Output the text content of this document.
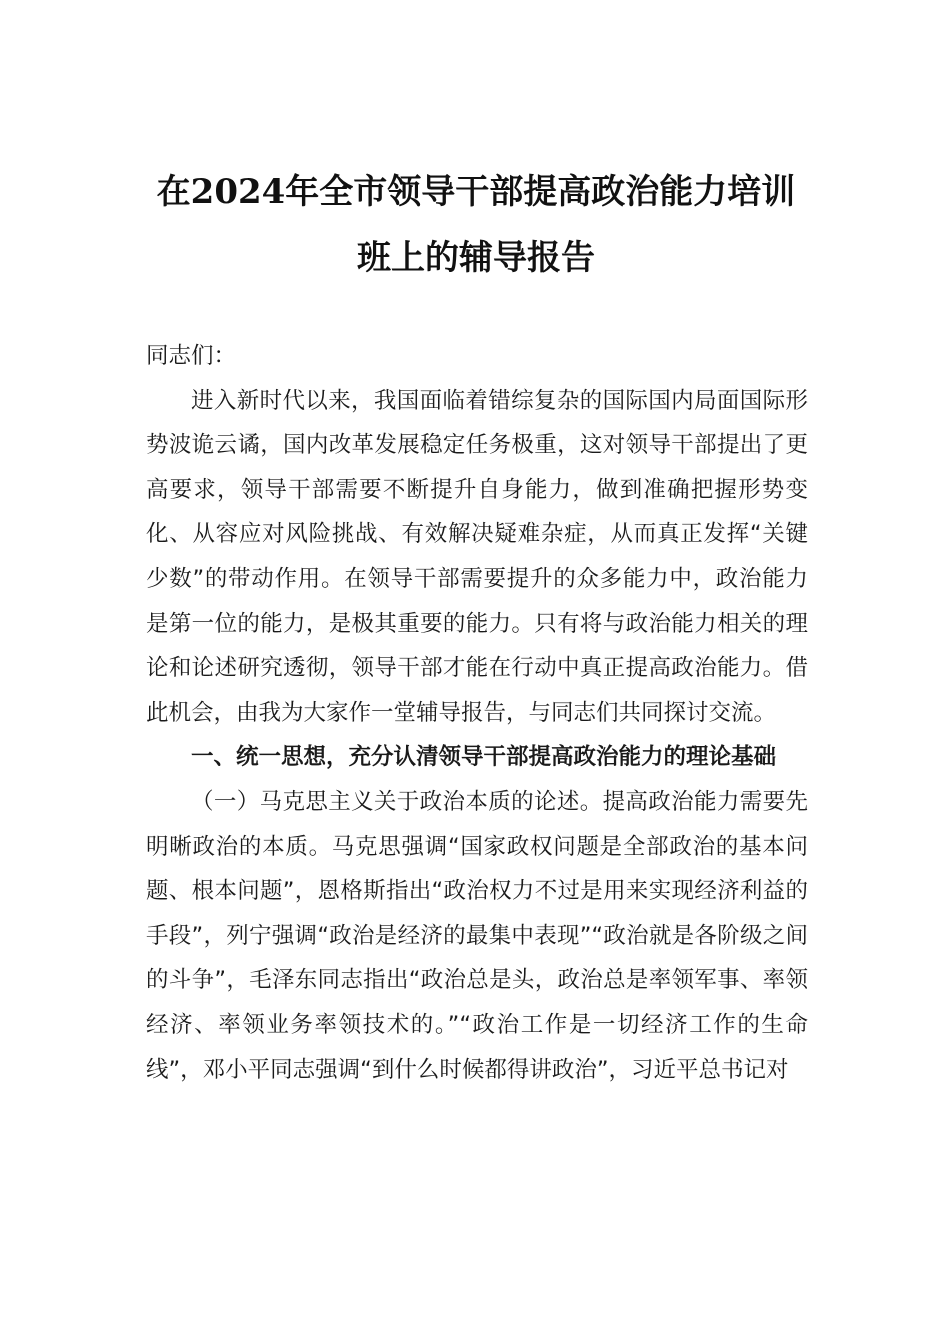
在2024年全市领导干部提高政治能力培训
班上的辅导报告

同志们：

进入新时代以来，我国面临着错综复杂的国际国内局面国际形势波诡云谲，国内改革发展稳定任务极重，这对领导干部提出了更高要求，领导干部需要不断提升自身能力，做到准确把握形势变化、从容应对风险挑战、有效解决疑难杂症，从而真正发挥“关键少数”的带动作用。在领导干部需要提升的众多能力中，政治能力是第一位的能力，是极其重要的能力。只有将与政治能力相关的理论和论述研究透彻，领导干部才能在行动中真正提高政治能力。借此机会，由我为大家作一堂辅导报告，与同志们共同探讨交流。

一、统一思想，充分认清领导干部提高政治能力的理论基础

（一）马克思主义关于政治本质的论述。提高政治能力需要先明晰政治的本质。马克思强调“国家政权问题是全部政治的基本问题、根本问题”，恩格斯指出“政治权力不过是用来实现经济利益的手段”，列宁强调“政治是经济的最集中表现”“政治就是各阶级之间的斗争”，毛泽东同志指出“政治总是头，政治总是率领军事、率领经济、率领业务率领技术的。”“政治工作是一切经济工作的生命线”，邓小平同志强调“到什么时候都得讲政治”，习近平总书记对
